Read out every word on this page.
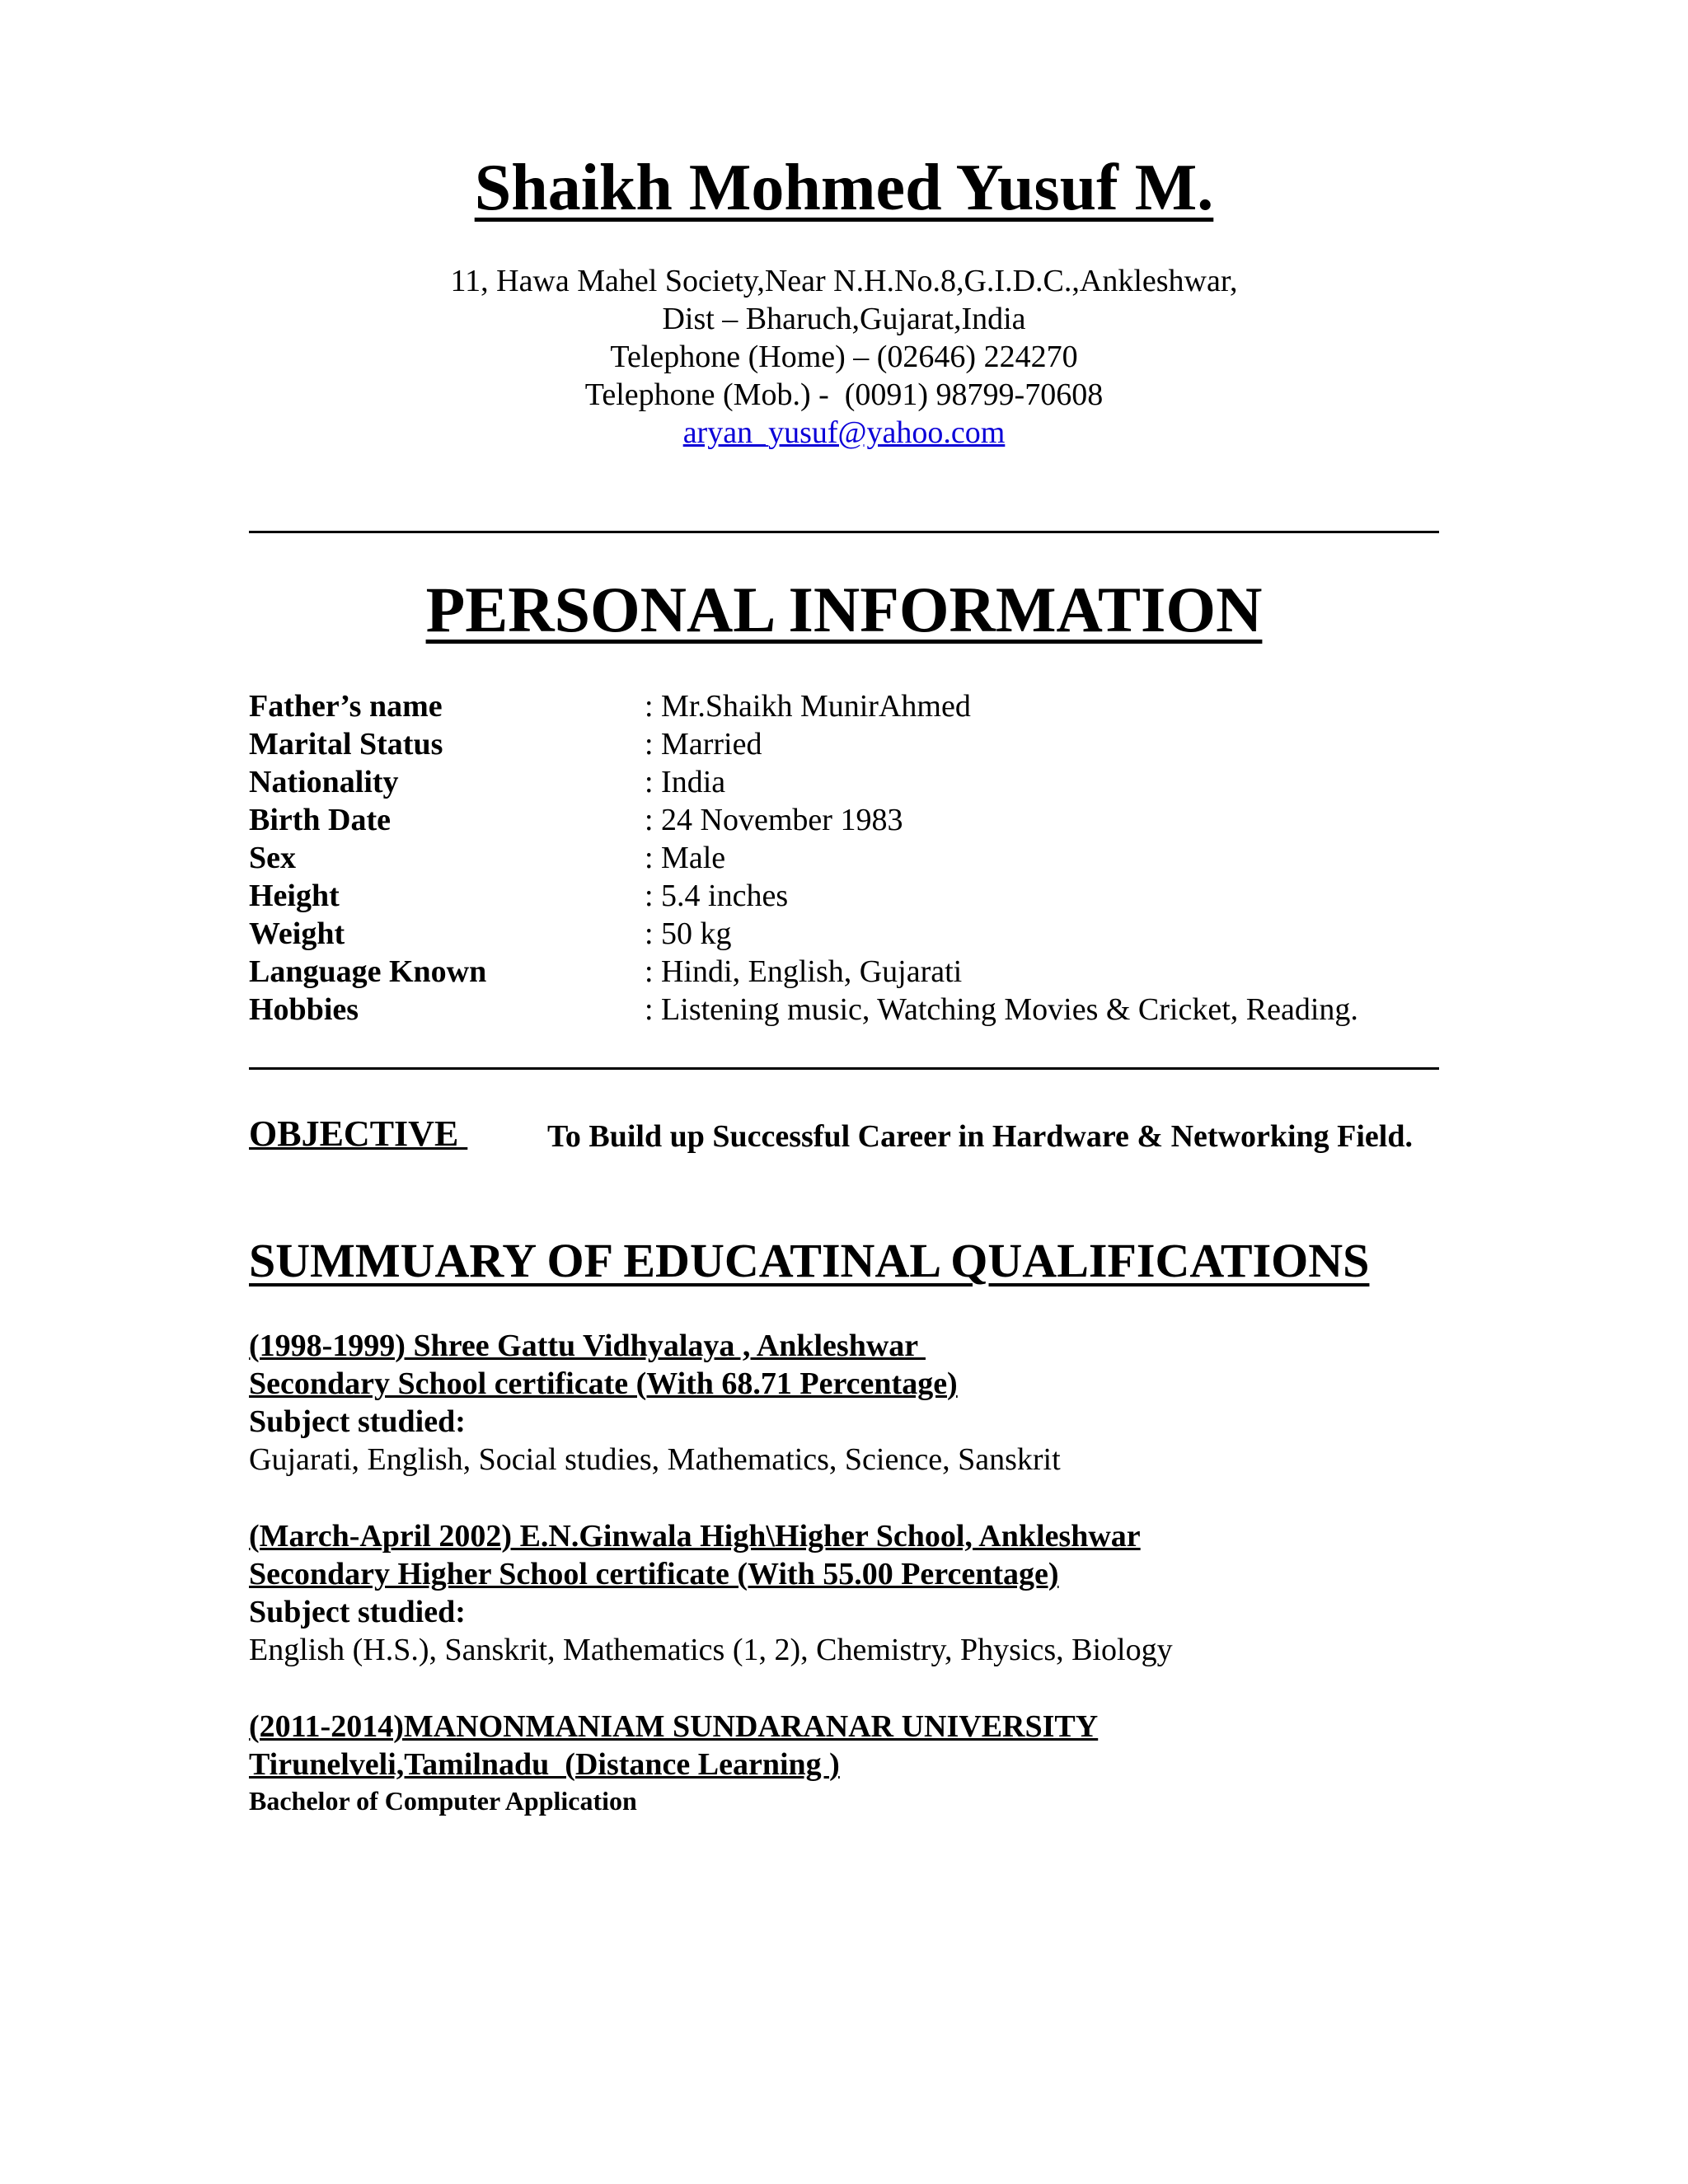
Shaikh Mohmed Yusuf M.
11, Hawa Mahel Society,Near N.H.No.8,G.I.D.C.,Ankleshwar,
Dist – Bharuch,Gujarat,India
Telephone (Home) – (02646) 224270
Telephone (Mob.) -  (0091) 98799-70608
aryan_yusuf@yahoo.com
PERSONAL INFORMATION
Father’s name	: Mr.Shaikh MunirAhmed
Marital Status	: Married
Nationality	: India
Birth Date	: 24 November 1983
Sex	: Male
Height	: 5.4 inches
Weight	: 50 kg
Language Known	: Hindi, English, Gujarati
Hobbies	: Listening music, Watching Movies & Cricket, Reading.
OBJECTIVE	To Build up Successful Career in Hardware & Networking Field.
SUMMUARY OF EDUCATINAL QUALIFICATIONS
(1998-1999) Shree Gattu Vidhyalaya , Ankleshwar
Secondary School certificate (With 68.71 Percentage)
Subject studied:
Gujarati, English, Social studies, Mathematics, Science, Sanskrit
(March-April 2002) E.N.Ginwala High\Higher School, Ankleshwar
Secondary Higher School certificate (With 55.00 Percentage)
Subject studied:
English (H.S.), Sanskrit, Mathematics (1, 2), Chemistry, Physics, Biology
(2011-2014)MANONMANIAM SUNDARANAR UNIVERSITY
Tirunelveli,Tamilnadu  (Distance Learning )
Bachelor of Computer Application
